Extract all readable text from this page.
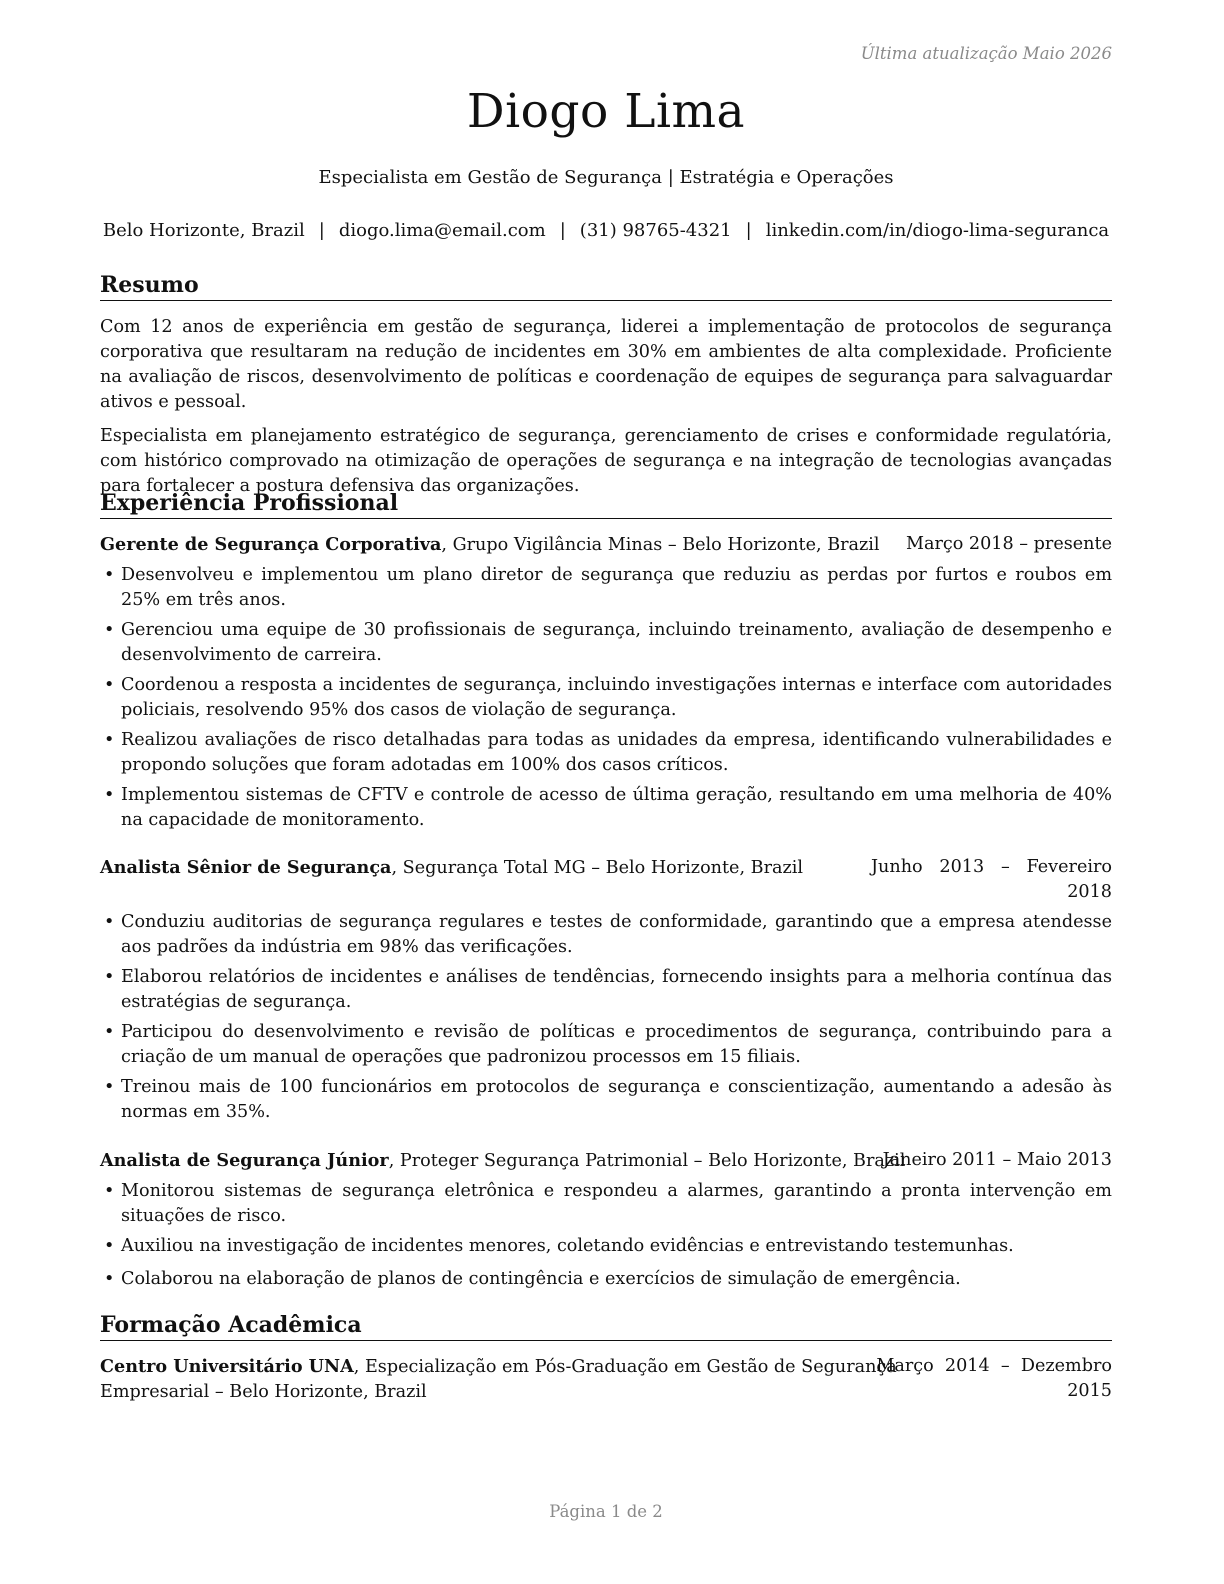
Última atualização Maio 2026
Diogo Lima
Especialista em Gestão de Segurança | Estratégia e Operações
Belo Horizonte, Brazil | diogo.lima@email.com | (31) 98765-4321 | linkedin.com/in/diogo-lima-seguranca
Resumo

Com 12 anos de experiência em gestão de segurança, liderei a implementação de protocolos de segurança corporativa que resultaram na redução de incidentes em 30% em ambientes de alta complexidade. Proficiente na avaliação de riscos, desenvolvimento de políticas e coordenação de equipes de segurança para salvaguardar ativos e pessoal.

Especialista em planejamento estratégico de segurança, gerenciamento de crises e conformidade regulatória, com histórico comprovado na otimização de operações de segurança e na integração de tecnologias avançadas para fortalecer a postura defensiva das organizações.

Experiência Profissional
Gerente de Segurança Corporativa, Grupo Vigilância Minas – Belo Horizonte, Brazil Março 2018 – presente
• Desenvolveu e implementou um plano diretor de segurança que reduziu as perdas por furtos e roubos em 25% em três anos.
• Gerenciou uma equipe de 30 profissionais de segurança, incluindo treinamento, avaliação de desempenho e desenvolvimento de carreira.
• Coordenou a resposta a incidentes de segurança, incluindo investigações internas e interface com autoridades policiais, resolvendo 95% dos casos de violação de segurança.
• Realizou avaliações de risco detalhadas para todas as unidades da empresa, identificando vulnerabilidades e propondo soluções que foram adotadas em 100% dos casos críticos.
• Implementou sistemas de CFTV e controle de acesso de última geração, resultando em uma melhoria de 40% na capacidade de monitoramento.
Analista Sênior de Segurança, Segurança Total MG – Belo Horizonte, Brazil	Junho   2013   –   Fevereiro
2018
• Conduziu auditorias de segurança regulares e testes de conformidade, garantindo que a empresa atendesse aos padrões da indústria em 98% das verificações.
• Elaborou relatórios de incidentes e análises de tendências, fornecendo insights para a melhoria contínua das estratégias de segurança.
• Participou do desenvolvimento e revisão de políticas e procedimentos de segurança, contribuindo para a criação de um manual de operações que padronizou processos em 15 filiais.
• Treinou mais de 100 funcionários em protocolos de segurança e conscientização, aumentando a adesão às normas em 35%.
Analista de Segurança Júnior, Proteger Segurança Patrimonial – Belo Horizonte, Brazil
Janeiro 2011 – Maio 2013
• Monitorou sistemas de segurança eletrônica e respondeu a alarmes, garantindo a pronta intervenção em situações de risco.
• Auxiliou na investigação de incidentes menores, coletando evidências e entrevistando testemunhas.
• Colaborou na elaboração de planos de contingência e exercícios de simulação de emergência.
Formação Acadêmica
Centro Universitário UNA, Especialização em Pós-Graduação em Gestão de Segurança
Empresarial – Belo Horizonte, Brazil
Março  2014  –  Dezembro
2015
Página 1 de 2
